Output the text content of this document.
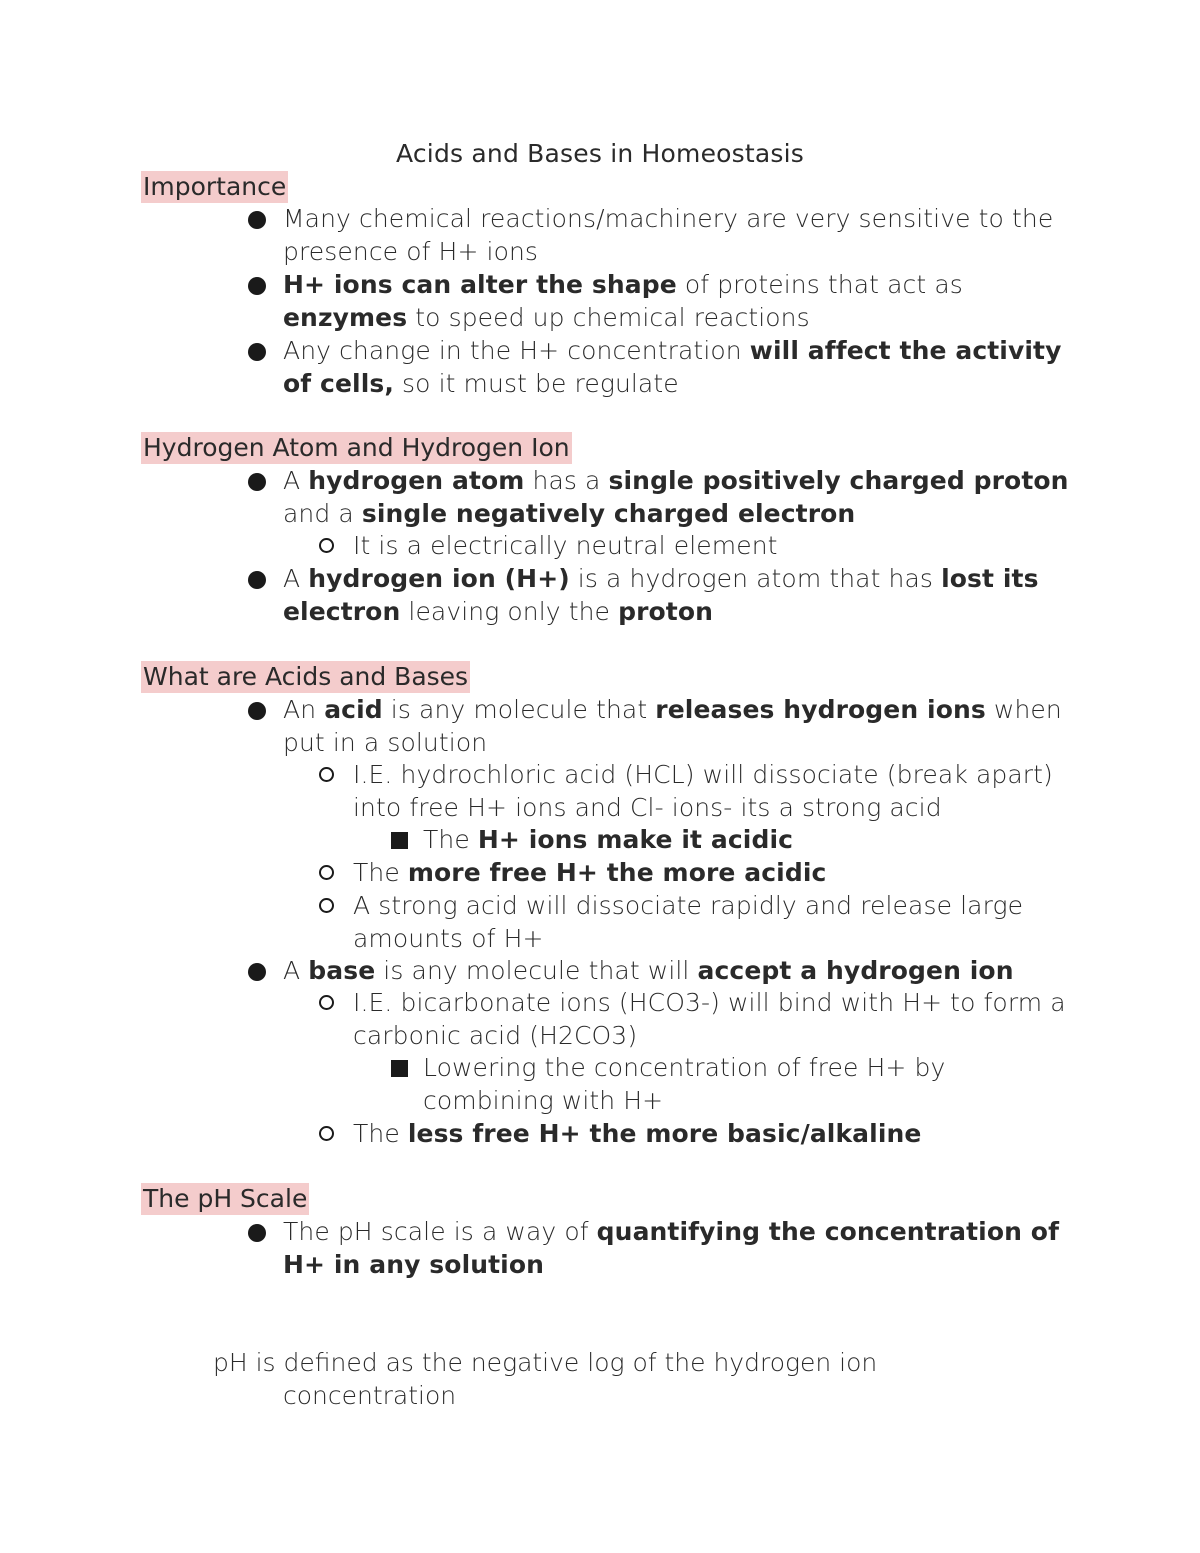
Acids and Bases in Homeostasis
Importance
Many chemical reactions/machinery are very sensitive to the presence of H+ ions
H+ ions can alter the shape of proteins that act as enzymes to speed up chemical reactions
Any change in the H+ concentration will affect the activity of cells, so it must be regulate
Hydrogen Atom and Hydrogen Ion
A hydrogen atom has a single positively charged proton and a single negatively charged electron
It is a electrically neutral element
A hydrogen ion (H+) is a hydrogen atom that has lost its electron leaving only the proton
What are Acids and Bases
An acid is any molecule that releases hydrogen ions when put in a solution
I.E. hydrochloric acid (HCL) will dissociate (break apart) into free H+ ions and Cl- ions- its a strong acid
The H+ ions make it acidic
The more free H+ the more acidic
A strong acid will dissociate rapidly and release large amounts of H+
A base is any molecule that will accept a hydrogen ion
I.E. bicarbonate ions (HCO3-) will bind with H+ to form a carbonic acid (H2CO3)
Lowering the concentration of free H+ by combining with H+
The less free H+ the more basic/alkaline
The pH Scale
The pH scale is a way of quantifying the concentration of H+ in any solution
pH is defined as the negative log of the hydrogen ion concentration
